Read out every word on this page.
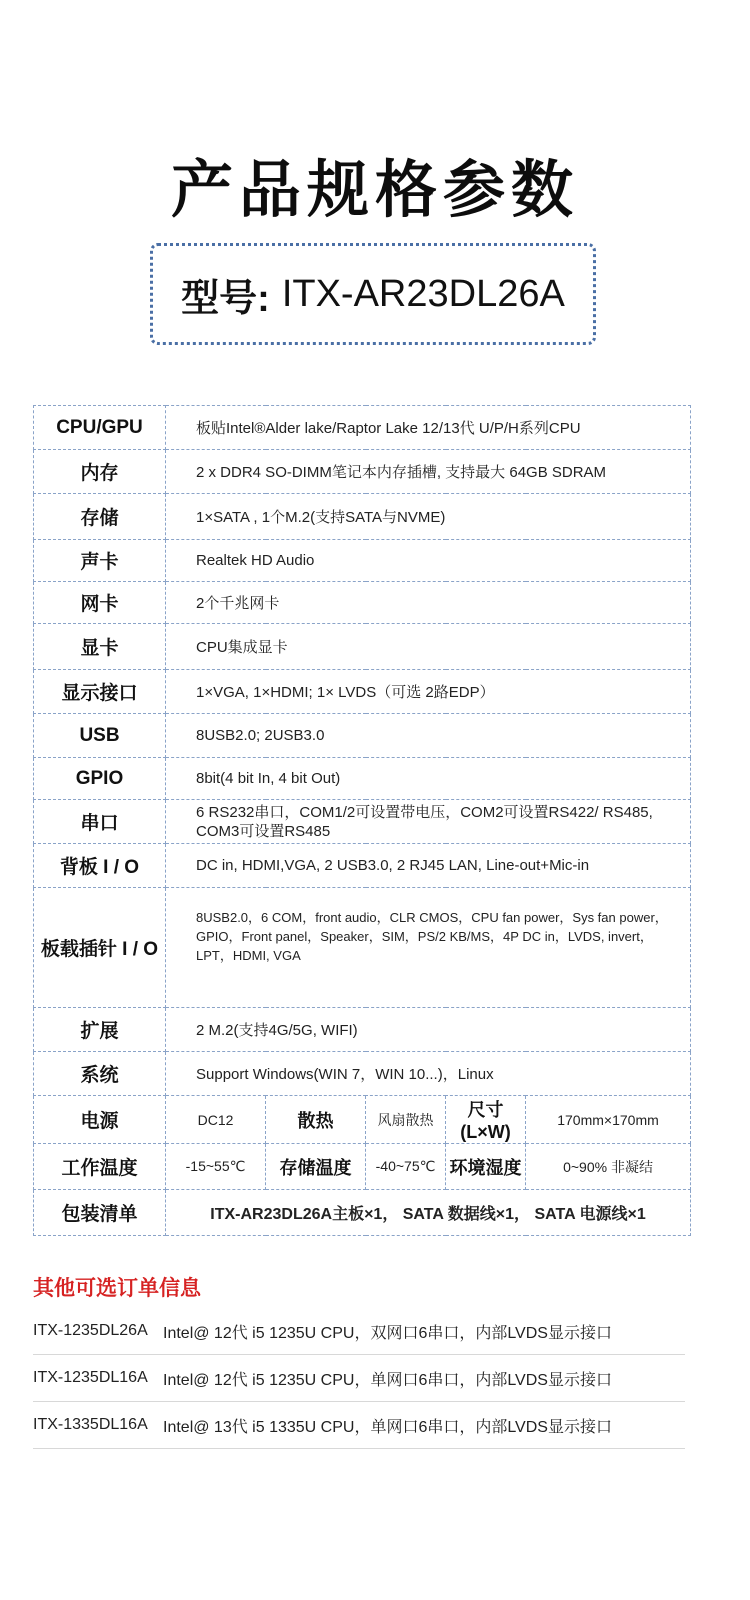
产品规格参数
型号: ITX-AR23DL26A
CPU/GPU	板贴Intel®Alder lake/Raptor Lake 12/13代 U/P/H系列CPU				
内存	2 x DDR4 SO-DIMM笔记本内存插槽, 支持最大 64GB SDRAM				
存储	1×SATA , 1个M.2(支持SATA与NVME)				
声卡	Realtek HD Audio				
网卡	2个千兆网卡				
显卡	CPU集成显卡				
显示接口	1×VGA, 1×HDMI; 1× LVDS（可选 2路EDP）				
USB	8USB2.0; 2USB3.0				
GPIO	8bit(4 bit In, 4 bit Out)				
串口	6 RS232串口，COM1/2可设置带电压，COM2可设置RS422/ RS485, COM3可设置RS485				
背板 I / O	DC in, HDMI,VGA, 2 USB3.0, 2 RJ45 LAN, Line-out+Mic-in				
板载插针 I / O	8USB2.0，6 COM，front audio，CLR CMOS，CPU fan power，Sys fan power，GPIO，Front panel，Speaker，SIM，PS/2 KB/MS，4P DC in，LVDS, invert，LPT，HDMI, VGA				
扩展	2 M.2(支持4G/5G, WIFI)				
系统	Support Windows(WIN 7，WIN 10...)，Linux				
电源	DC12	散热	风扇散热	尺寸(L×W)	170mm×170mm
工作温度	-15~55℃	存储温度	-40~75℃	环境湿度	0~90% 非凝结
包装清单	ITX-AR23DL26A主板×1， SATA 数据线×1， SATA 电源线×1				
其他可选订单信息
ITX-1235DL26A Intel@ 12代 i5 1235U CPU，双网口6串口，内部LVDS显示接口
ITX-1235DL16A Intel@ 12代 i5 1235U CPU，单网口6串口，内部LVDS显示接口
ITX-1335DL16A Intel@ 13代 i5 1335U CPU，单网口6串口，内部LVDS显示接口
